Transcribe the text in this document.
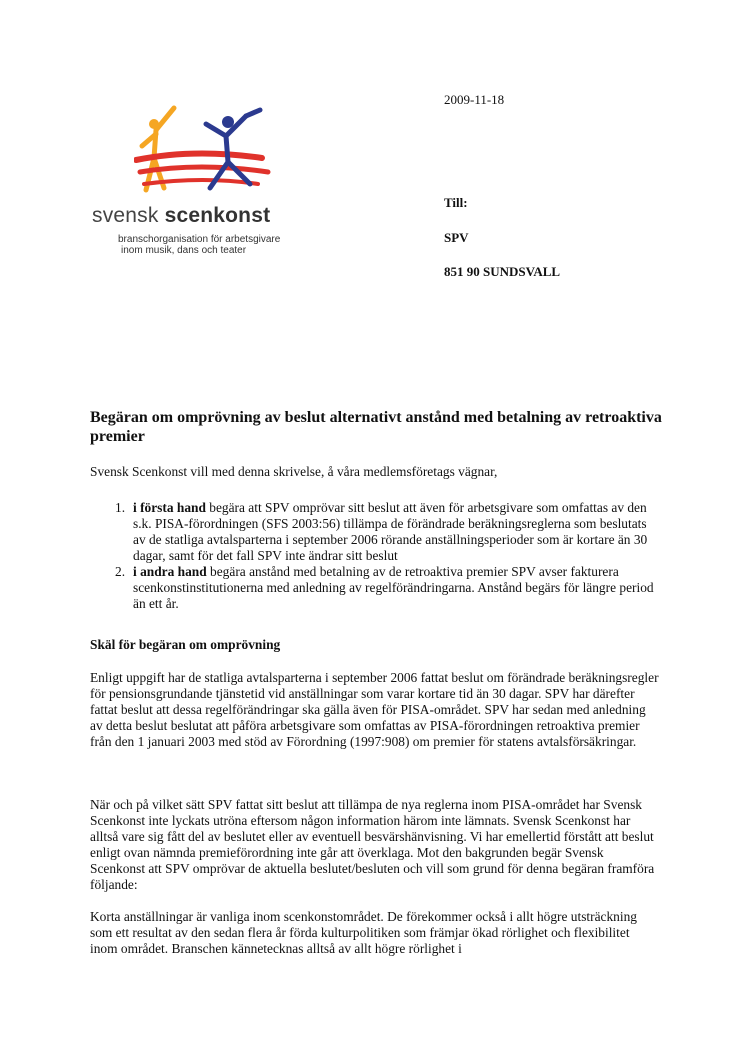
svensk scenkonst
branschorganisation för arbetsgivare
inom musik, dans och teater
2009-11-18
Till:
SPV
851 90 SUNDSVALL
Begäran om omprövning av beslut alternativt anstånd med betalning av retroaktiva premier
Svensk Scenkonst vill med denna skrivelse, å våra medlemsföretags vägnar,
1. i första hand begära att SPV omprövar sitt beslut att även för arbetsgivare som omfattas av den s.k. PISA-förordningen (SFS 2003:56) tillämpa de förändrade beräkningsreglerna som beslutats av de statliga avtalsparterna i september 2006 rörande anställningsperioder som är kortare än 30 dagar, samt för det fall SPV inte ändrar sitt beslut
2. i andra hand begära anstånd med betalning av de retroaktiva premier SPV avser fakturera scenkonstinstitutionerna med anledning av regelförändringarna. Anstånd begärs för längre period än ett år.
Skäl för begäran om omprövning
Enligt uppgift har de statliga avtalsparterna i september 2006 fattat beslut om förändrade beräkningsregler för pensionsgrundande tjänstetid vid anställningar som varar kortare tid än 30 dagar. SPV har därefter fattat beslut att dessa regelförändringar ska gälla även för PISA-området. SPV har sedan med anledning av detta beslut beslutat att påföra arbetsgivare som omfattas av PISA-förordningen retroaktiva premier från den 1 januari 2003 med stöd av Förordning (1997:908) om premier för statens avtalsförsäkringar.
När och på vilket sätt SPV fattat sitt beslut att tillämpa de nya reglerna inom PISA-området har Svensk Scenkonst inte lyckats utröna eftersom någon information härom inte lämnats. Svensk Scenkonst har alltså vare sig fått del av beslutet eller av eventuell besvärshänvisning. Vi har emellertid förstått att beslut enligt ovan nämnda premieförordning inte går att överklaga. Mot den bakgrunden begär Svensk Scenkonst att SPV omprövar de aktuella beslutet/besluten och vill som grund för denna begäran framföra följande:
Korta anställningar är vanliga inom scenkonstområdet. De förekommer också i allt högre utsträckning som ett resultat av den sedan flera år förda kulturpolitiken som främjar ökad rörlighet och flexibilitet inom området. Branschen kännetecknas alltså av allt högre rörlighet i
